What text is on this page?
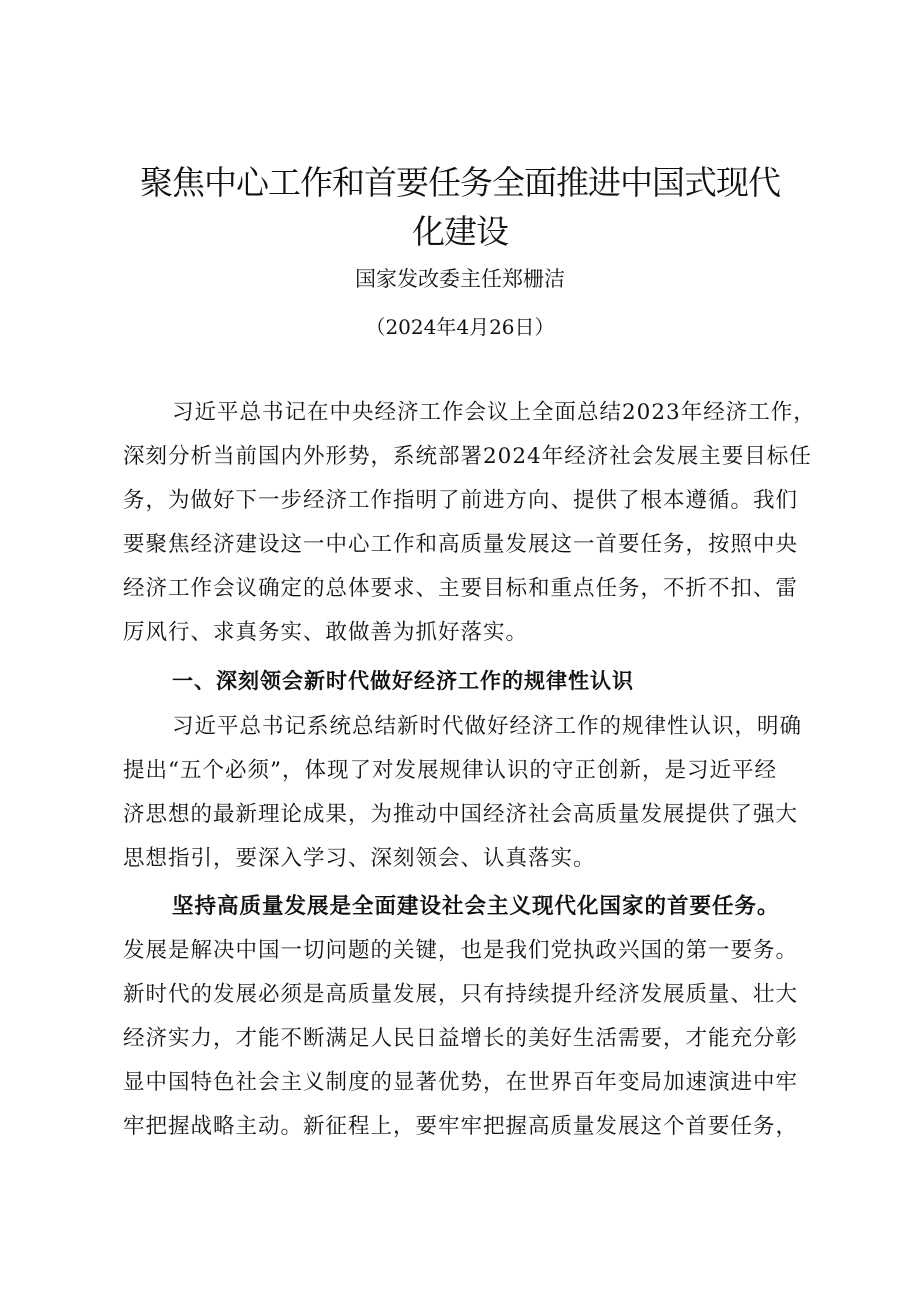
聚焦中心工作和首要任务全面推进中国式现代
化建设
国家发改委主任郑栅洁
（2024年4月26日）
习近平总书记在中央经济工作会议上全面总结2023年经济工作，
深刻分析当前国内外形势，系统部署2024年经济社会发展主要目标任
务，为做好下一步经济工作指明了前进方向、提供了根本遵循。我们
要聚焦经济建设这一中心工作和高质量发展这一首要任务，按照中央
经济工作会议确定的总体要求、主要目标和重点任务，不折不扣、雷
厉风行、求真务实、敢做善为抓好落实。
一、深刻领会新时代做好经济工作的规律性认识
习近平总书记系统总结新时代做好经济工作的规律性认识，明确
提出“五个必须”，体现了对发展规律认识的守正创新，是习近平经
济思想的最新理论成果，为推动中国经济社会高质量发展提供了强大
思想指引，要深入学习、深刻领会、认真落实。
坚持高质量发展是全面建设社会主义现代化国家的首要任务。
发展是解决中国一切问题的关键，也是我们党执政兴国的第一要务。
新时代的发展必须是高质量发展，只有持续提升经济发展质量、壮大
经济实力，才能不断满足人民日益增长的美好生活需要，才能充分彰
显中国特色社会主义制度的显著优势，在世界百年变局加速演进中牢
牢把握战略主动。新征程上，要牢牢把握高质量发展这个首要任务，
